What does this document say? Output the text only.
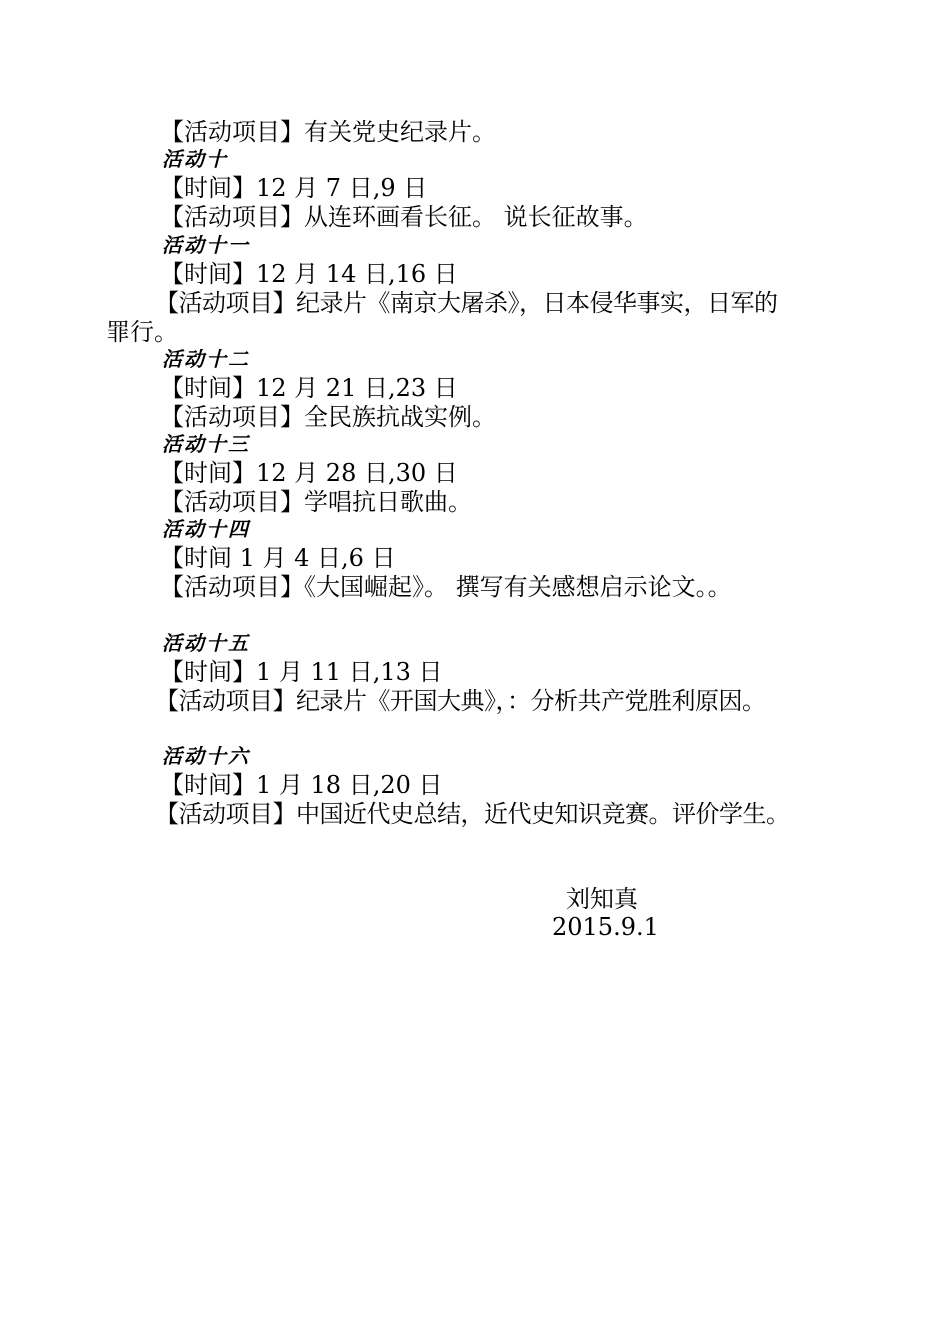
【活动项目】有关党史纪录片。
活动十
【时间】12 月 7 日,9 日
【活动项目】从连环画看长征。 说长征故事。
活动十一
【时间】12 月 14 日,16 日
【活动项目】纪录片《南京大屠杀》，日本侵华事实，日军的
罪行。
活动十二
【时间】12 月 21 日,23 日
【活动项目】全民族抗战实例。
活动十三
【时间】12 月 28 日,30 日
【活动项目】学唱抗日歌曲。
活动十四
【时间 1 月 4 日,6 日
【活动项目】《大国崛起》。 撰写有关感想启示论文。。
活动十五
【时间】1 月 11 日,13 日
【活动项目】纪录片《开国大典》，：分析共产党胜利原因。
活动十六
【时间】1 月 18 日,20 日
【活动项目】中国近代史总结，近代史知识竞赛。评价学生。
刘知真
2015.9.1
